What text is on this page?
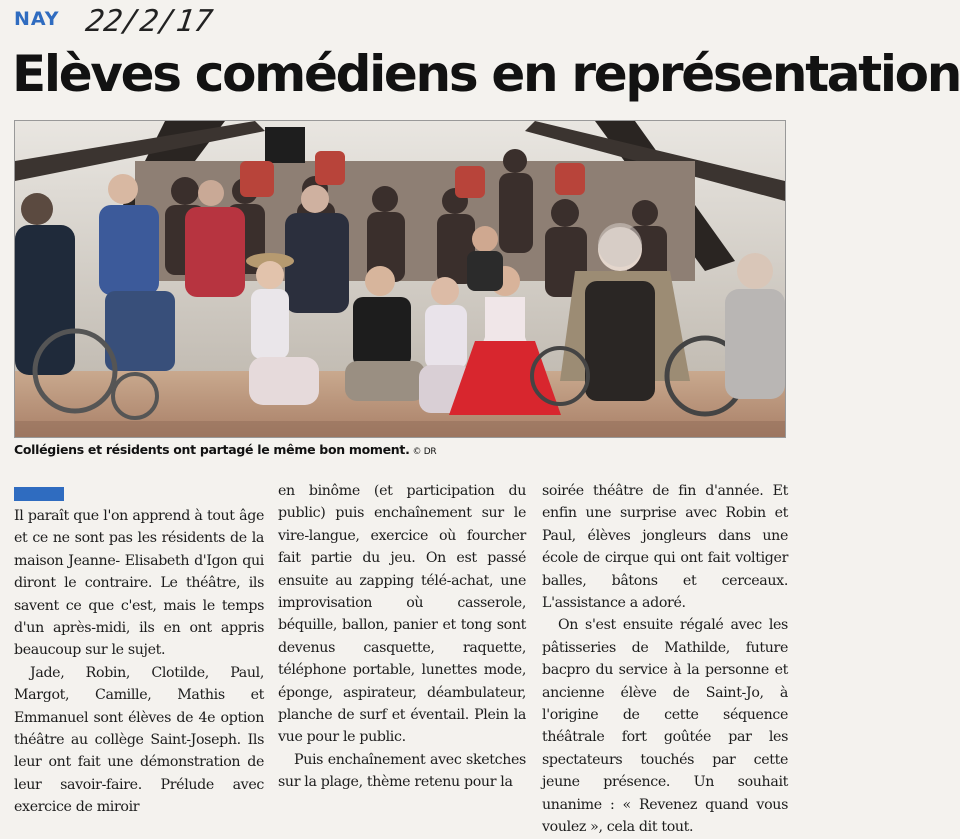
NAY 22/2/17
Elèves comédiens en représentation
Collégiens et résidents ont partagé le même bon moment. © DR

Il paraît que l'on apprend à tout âge et ce ne sont pas les résidents de la maison Jeanne- Elisabeth d'Igon qui diront le contraire. Le théâtre, ils savent ce que c'est, mais le temps d'un après-midi, ils en ont appris beaucoup sur le sujet.

Jade, Robin, Clotilde, Paul, Margot, Camille, Mathis et Emmanuel sont élèves de 4e option théâtre au collège Saint-Joseph. Ils leur ont fait une démonstration de leur savoir-faire. Prélude avec exercice de miroir

en binôme (et participation du public) puis enchaînement sur le vire-langue, exercice où fourcher fait partie du jeu. On est passé ensuite au zapping télé-achat, une improvisation où casserole, béquille, ballon, panier et tong sont devenus casquette, raquette, téléphone portable, lunettes mode, éponge, aspirateur, déambulateur, planche de surf et éventail. Plein la vue pour le public.

Puis enchaînement avec sketches sur la plage, thème retenu pour la

soirée théâtre de fin d'année. Et enfin une surprise avec Robin et Paul, élèves jongleurs dans une école de cirque qui ont fait voltiger balles, bâtons et cerceaux. L'assistance a adoré.

On s'est ensuite régalé avec les pâtisseries de Mathilde, future bacpro du service à la personne et ancienne élève de Saint-Jo, à l'origine de cette séquence théâtrale fort goûtée par les spectateurs touchés par cette jeune présence. Un souhait unanime : « Revenez quand vous voulez », cela dit tout.
